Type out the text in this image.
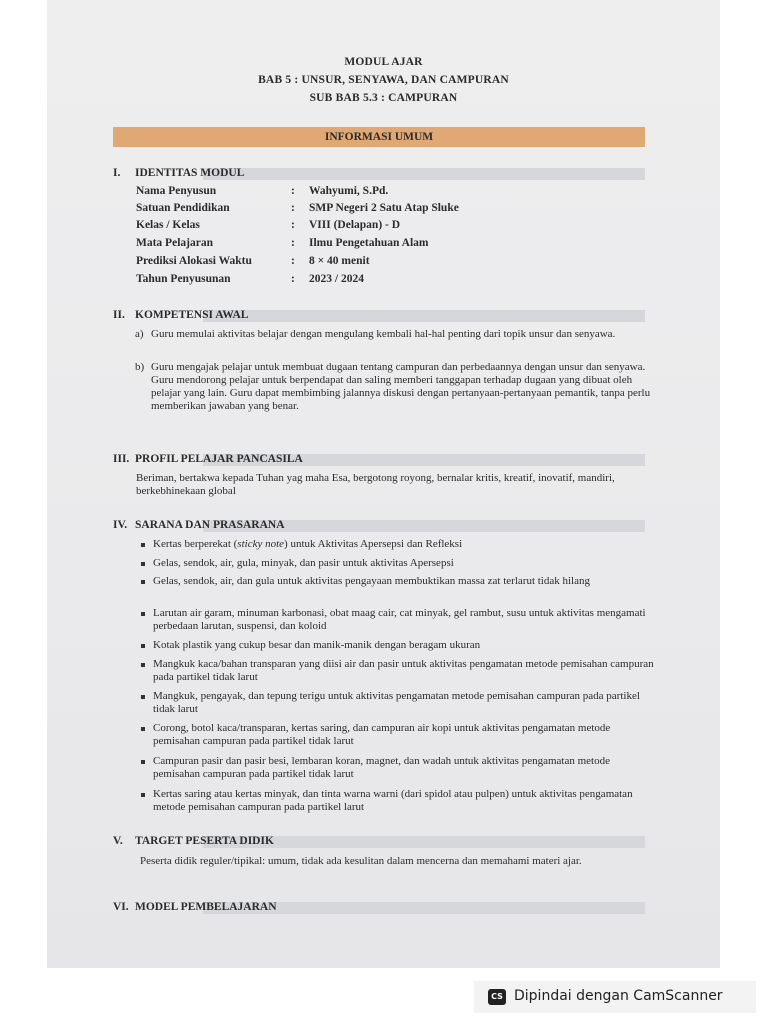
MODUL AJAR
BAB 5 : UNSUR, SENYAWA, DAN CAMPURAN
SUB BAB 5.3 : CAMPURAN
INFORMASI UMUM
I. IDENTITAS MODUL
Nama Penyusun	: Wahyumi, S.Pd.
Satuan Pendidikan	: SMP Negeri 2 Satu Atap Sluke
Kelas / Kelas	: VIII (Delapan) - D
Mata Pelajaran	: Ilmu Pengetahuan Alam
Prediksi Alokasi Waktu	: 8 × 40 menit
Tahun Penyusunan	: 2023 / 2024
II. KOMPETENSI AWAL
a) Guru memulai aktivitas belajar dengan mengulang kembali hal-hal penting dari topik unsur dan senyawa.
b) Guru mengajak pelajar untuk membuat dugaan tentang campuran dan perbedaannya dengan unsur dan senyawa. Guru mendorong pelajar untuk berpendapat dan saling memberi tanggapan terhadap dugaan yang dibuat oleh pelajar yang lain. Guru dapat membimbing jalannya diskusi dengan pertanyaan-pertanyaan pemantik, tanpa perlu memberikan jawaban yang benar.
III. PROFIL PELAJAR PANCASILA
Beriman, bertakwa kepada Tuhan yag maha Esa, bergotong royong, bernalar kritis, kreatif, inovatif, mandiri, berkebhinekaan global
IV. SARANA DAN PRASARANA
Kertas berperekat (sticky note) untuk Aktivitas Apersepsi dan Refleksi
Gelas, sendok, air, gula, minyak, dan pasir untuk aktivitas Apersepsi
Gelas, sendok, air, dan gula untuk aktivitas pengayaan membuktikan massa zat terlarut tidak hilang
Larutan air garam, minuman karbonasi, obat maag cair, cat minyak, gel rambut, susu untuk aktivitas mengamati perbedaan larutan, suspensi, dan koloid
Kotak plastik yang cukup besar dan manik-manik dengan beragam ukuran
Mangkuk kaca/bahan transparan yang diisi air dan pasir untuk aktivitas pengamatan metode pemisahan campuran pada partikel tidak larut
Mangkuk, pengayak, dan tepung terigu untuk aktivitas pengamatan metode pemisahan campuran pada partikel tidak larut
Corong, botol kaca/transparan, kertas saring, dan campuran air kopi untuk aktivitas pengamatan metode pemisahan campuran pada partikel tidak larut
Campuran pasir dan pasir besi, lembaran koran, magnet, dan wadah untuk aktivitas pengamatan metode pemisahan campuran pada partikel tidak larut
Kertas saring atau kertas minyak, dan tinta warna warni (dari spidol atau pulpen) untuk aktivitas pengamatan metode pemisahan campuran pada partikel larut
V. TARGET PESERTA DIDIK
Peserta didik reguler/tipikal: umum, tidak ada kesulitan dalam mencerna dan memahami materi ajar.
VI. MODEL PEMBELAJARAN
CS Dipindai dengan CamScanner
